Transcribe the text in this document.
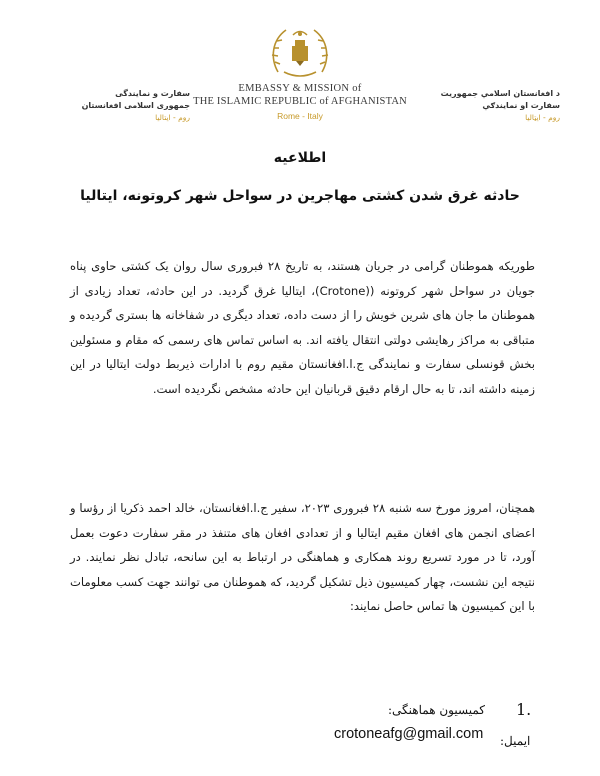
سفارت و نمایندگی
جمهوری اسلامی افغانستان
روم - ایتالیا
EMBASSY & MISSION of
THE ISLAMIC REPUBLIC of AFGHANISTAN
Rome - Italy
د افغانستان اسلامي جمهوريت
سفارت او نمایندګي
روم - ایټالیا
اطلاعیه
حادثه غرق شدن کشتی مهاجرین در سواحل شهر کروتونه، ایتالیا
طوریکه هموطنان گرامی در جریان هستند، به تاریخ ۲۸ فبروری سال روان یک کشتی حاوی پناه جویان در سواحل شهر کروتونه ((Crotone)، ایتالیا غرق گردید. در این حادثه، تعداد زیادی از هموطنان ما جان های شرین خویش را از دست داده، تعداد دیگری در شفاخانه ها بستری گردیده و متباقی به مراکز رهایشی دولتی انتقال یافته اند. به اساس تماس های رسمی که مقام و مسئولین بخش قونسلی سفارت و نمایندگی ج.ا.افغانستان مقیم روم با ادارات ذیربط دولت ایتالیا در این زمینه داشته اند، تا به حال ارقام دقیق قربانیان این حادثه مشخص نگردیده است.
همچنان، امروز مورخ سه شنبه ۲۸ فبروری ۲۰۲۳، سفیر ج.ا.افغانستان، خالد احمد ذکریا از رؤسا و اعضای انجمن های افغان مقیم ایتالیا و از تعدادی افغان های متنفذ در مقر سفارت دعوت بعمل آورد، تا در مورد تسریع روند همکاری و هماهنگی در ارتباط به این سانحه، تبادل نظر نمایند. در نتیجه این نشست، چهار کمیسیون ذیل تشکیل گردید، که هموطنان می توانند جهت کسب معلومات با این کمیسیون ها تماس حاصل نمایند:
1.
کمیسیون هماهنگی:
ایمیل:
crotoneafg@gmail.com
